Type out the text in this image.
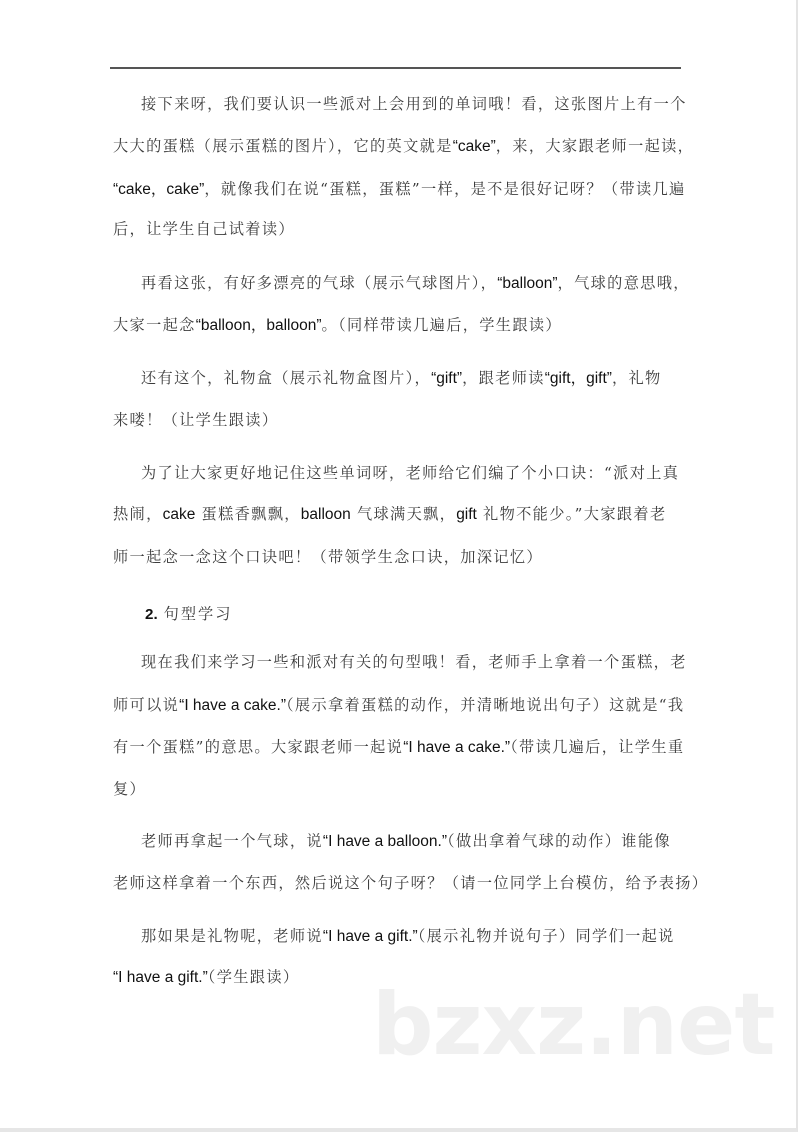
接下来呀，我们要认识一些派对上会用到的单词哦！看，这张图片上有一个
大大的蛋糕（展示蛋糕的图片），它的英文就是“cake”，来，大家跟老师一起读，
“cake，cake”，就像我们在说“蛋糕，蛋糕”一样，是不是很好记呀？（带读几遍
后，让学生自己试着读）
再看这张，有好多漂亮的气球（展示气球图片），“balloon”，气球的意思哦，
大家一起念“balloon，balloon”。（同样带读几遍后，学生跟读）
还有这个，礼物盒（展示礼物盒图片），“gift”，跟老师读“gift，gift”，礼物
来喽！（让学生跟读）
为了让大家更好地记住这些单词呀，老师给它们编了个小口诀：“派对上真
热闹，cake 蛋糕香飘飘，balloon 气球满天飘，gift 礼物不能少。”大家跟着老
师一起念一念这个口诀吧！（带领学生念口诀，加深记忆）
2. 句型学习
现在我们来学习一些和派对有关的句型哦！看，老师手上拿着一个蛋糕，老
师可以说“I have a cake.”（展示拿着蛋糕的动作，并清晰地说出句子）这就是“我
有一个蛋糕”的意思。大家跟老师一起说“I have a cake.”（带读几遍后，让学生重
复）
老师再拿起一个气球，说“I have a balloon.”（做出拿着气球的动作）谁能像
老师这样拿着一个东西，然后说这个句子呀？（请一位同学上台模仿，给予表扬）
那如果是礼物呢，老师说“I have a gift.”（展示礼物并说句子）同学们一起说
“I have a gift.”（学生跟读） bzxz.net
